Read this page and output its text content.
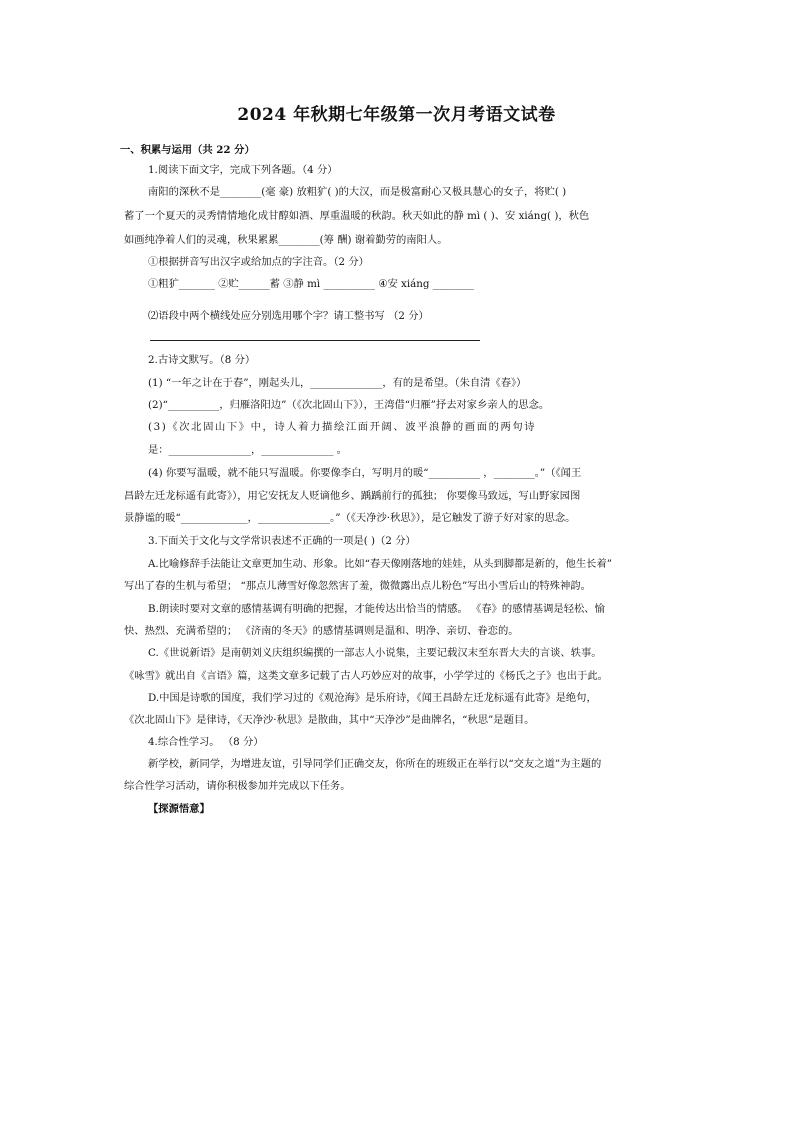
2024 年秋期七年级第一次月考语文试卷
一、积累与运用（共 22 分）
1.阅读下面文字，完成下列各题。（4 分）
南阳的深秋不是________(毫 豪) 放粗犷( )的大汉，而是极富耐心又极具慧心的女子，将贮( )
蓄了一个夏天的灵秀情情地化成甘醇如酒、厚重温暖的秋韵。秋天如此的静 mì ( )、安 xiáng( )，秋色
如画纯净着人们的灵魂，秋果累累________(筹 酬) 谢着勤劳的南阳人。
①根据拼音写出汉字或给加点的字注音。（2 分）
①粗犷_______ ②贮______蓄 ③静 mì __________ ④安 xiáng ________
⑵语段中两个横线处应分别选用哪个字？请工整书写 （2 分）
2.古诗文默写。（8 分）
(1) “一年之计在于春”，刚起头儿，______________，有的是希望。（朱自清《春》）
(2)“__________，归雁洛阳边”（《次北固山下》），王湾借“归雁”抒去对家乡亲人的思念。
(3)《次北固山下》中，诗人着力描绘江面开阔、波平浪静的画面的两句诗
是：________________，______________ 。
(4) 你要写温暖，就不能只写温暖。你要像李白，写明月的暖“__________ ，________。”（《闻王
昌龄左迁龙标遥有此寄》），用它安抚友人贬谪他乡、踽踽前行的孤独； 你要像马致远，写山野家园图
景静谧的暖“_____________，______________。”（《天净沙·秋思》），是它触发了游子好对家的思念。
3.下面关于文化与文学常识表述不正确的一项是( )（2 分）
A.比喻修辞手法能让文章更加生动、形象。比如“春天像刚落地的娃娃，从头到脚都是新的，他生长着”
写出了春的生机与希望； “那点儿薄雪好像忽然害了羞，微微露出点儿粉色”写出小雪后山的特殊神韵。
B.朗读时要对文章的感情基调有明确的把握，才能传达出恰当的情感。 《春》的感情基调是轻松、愉
快、热烈、充满希望的； 《济南的冬天》的感情基调则是温和、明净、亲切、眷恋的。
C.《世说新语》是南朝刘义庆组织编撰的一部志人小说集，主要记载汉末至东晋大夫的言谈、轶事。
《咏雪》就出自《言语》篇，这类文章多记载了古人巧妙应对的故事，小学学过的《杨氏之子》也出于此。
D.中国是诗歌的国度，我们学习过的《观沧海》是乐府诗，《闻王昌龄左迁龙标遥有此寄》是绝句，
《次北固山下》是律诗，《天净沙·秋思》是散曲，其中“天净沙”是曲牌名，“秋思”是题目。
4.综合性学习。 （8 分）
新学校，新同学，为增进友谊，引导同学们正确交友，你所在的班级正在举行以“交友之道”为主题的
综合性学习活动，请你积极参加并完成以下任务。
【探源悟意】
